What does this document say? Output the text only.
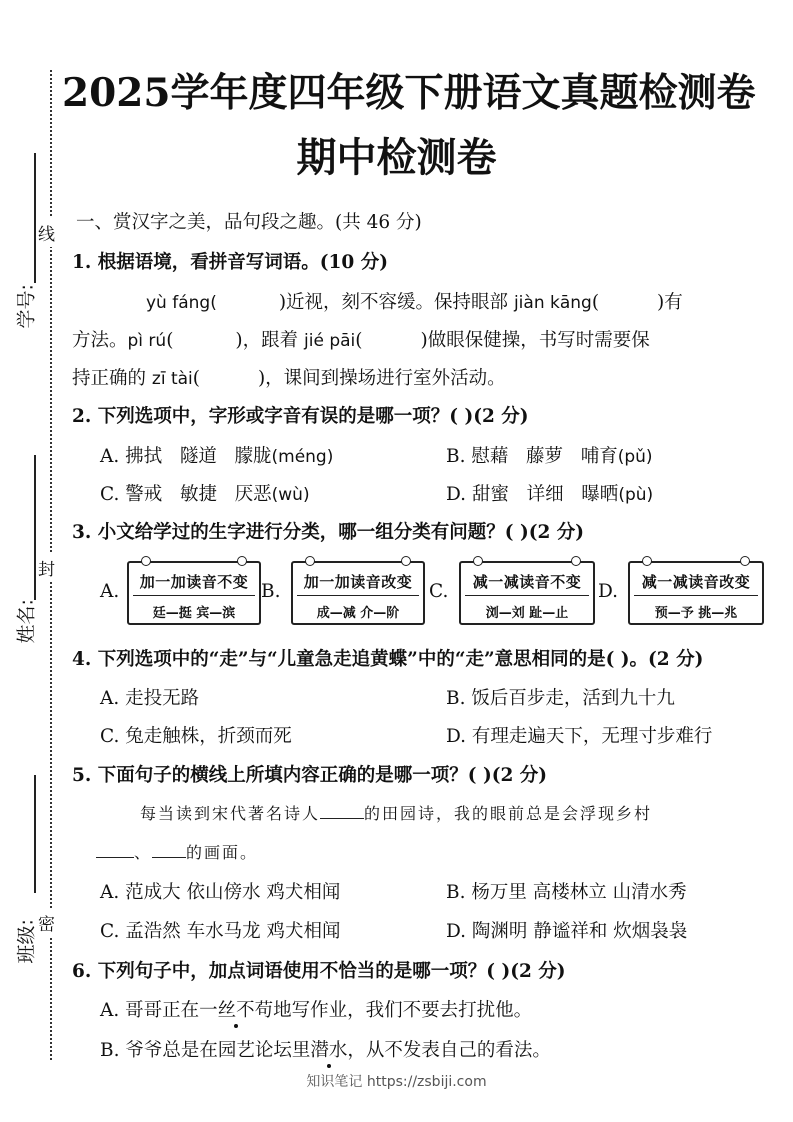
线
封
密
学号:
姓名:
班级:
2025学年度四年级下册语文真题检测卷
期中检测卷
一、赏汉字之美，品句段之趣。(共 46 分)
1. 根据语境，看拼音写词语。(10 分)
yù fáng(	)近视，刻不容缓。保持眼部 jiàn kāng(	)有
方法。pì rú(	)，跟着 jié pāi(	)做眼保健操，书写时需要保
持正确的 zī tài(	)，课间到操场进行室外活动。
2. 下列选项中，字形或字音有误的是哪一项？( )(2 分)
A. 拂拭 隧道 朦胧(méng)	B. 慰藉 藤萝 哺育(pǔ)
C. 警戒 敏捷 厌恶(wù)	D. 甜蜜 详细 曝晒(pù)
3. 小文给学过的生字进行分类，哪一组分类有问题？( )(2 分)
A.	加一加读音不变
廷—挺 宾—滨
B.	加一加读音改变
成—减 介—阶
C.	减一减读音不变
浏—刘 趾—止
D.	减一减读音改变
预—予 挑—兆
4. 下列选项中的“走”与“儿童急走追黄蝶”中的“走”意思相同的是( )。(2 分)
A. 走投无路	B. 饭后百步走，活到九十九
C. 兔走触株，折颈而死	D. 有理走遍天下，无理寸步难行
5. 下面句子的横线上所填内容正确的是哪一项？( )(2 分)
每当读到宋代著名诗人	的田园诗，我的眼前总是会浮现乡村
、 的画面。
A. 范成大 依山傍水 鸡犬相闻	B. 杨万里 高楼林立 山清水秀
C. 孟浩然 车水马龙 鸡犬相闻	D. 陶渊明 静谧祥和 炊烟袅袅
6. 下列句子中，加点词语使用不恰当的是哪一项？( )(2 分)
A. 哥哥正在一丝不苟地写作业，我们不要去打扰他。
B. 爷爷总是在园艺论坛里潜水，从不发表自己的看法。
知识笔记 https://zsbiji.com
